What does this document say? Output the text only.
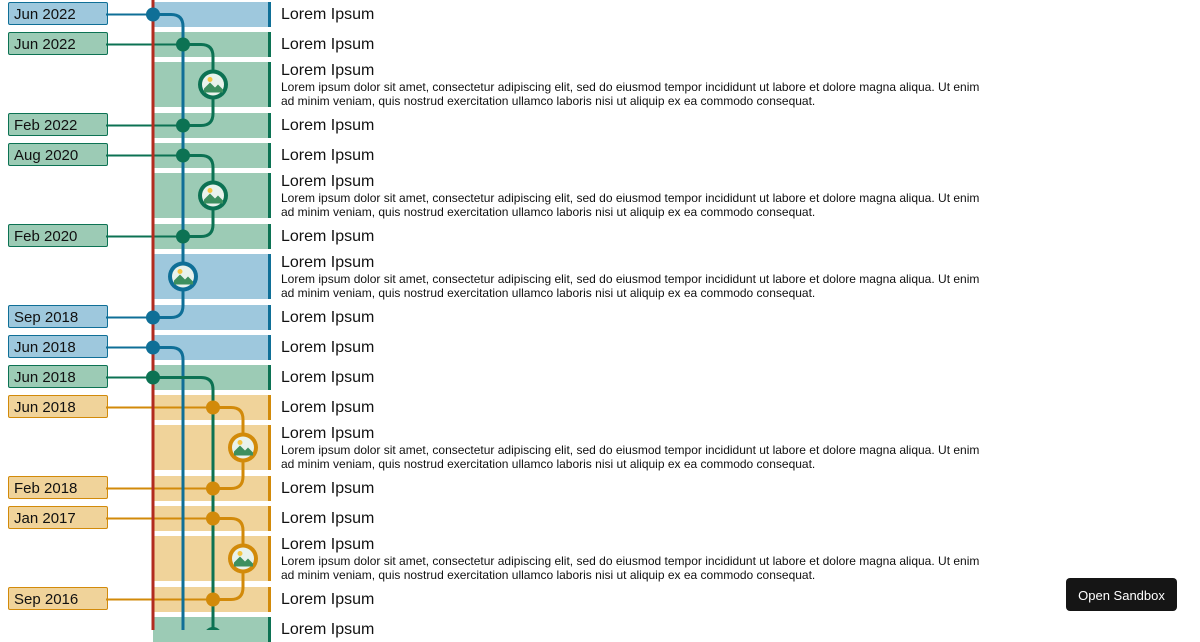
Lorem Ipsum
Jun 2022
Lorem Ipsum
Jun 2022
Lorem Ipsum
Lorem ipsum dolor sit amet, consectetur adipiscing elit, sed do eiusmod tempor incididunt ut labore et dolore magna aliqua. Ut enim ad minim veniam, quis nostrud exercitation ullamco laboris nisi ut aliquip ex ea commodo consequat.
Lorem Ipsum
Feb 2022
Lorem Ipsum
Aug 2020
Lorem Ipsum
Lorem ipsum dolor sit amet, consectetur adipiscing elit, sed do eiusmod tempor incididunt ut labore et dolore magna aliqua. Ut enim ad minim veniam, quis nostrud exercitation ullamco laboris nisi ut aliquip ex ea commodo consequat.
Lorem Ipsum
Feb 2020
Lorem Ipsum
Lorem ipsum dolor sit amet, consectetur adipiscing elit, sed do eiusmod tempor incididunt ut labore et dolore magna aliqua. Ut enim ad minim veniam, quis nostrud exercitation ullamco laboris nisi ut aliquip ex ea commodo consequat.
Lorem Ipsum
Sep 2018
Lorem Ipsum
Jun 2018
Lorem Ipsum
Jun 2018
Lorem Ipsum
Jun 2018
Lorem Ipsum
Lorem ipsum dolor sit amet, consectetur adipiscing elit, sed do eiusmod tempor incididunt ut labore et dolore magna aliqua. Ut enim ad minim veniam, quis nostrud exercitation ullamco laboris nisi ut aliquip ex ea commodo consequat.
Lorem Ipsum
Feb 2018
Lorem Ipsum
Jan 2017
Lorem Ipsum
Lorem ipsum dolor sit amet, consectetur adipiscing elit, sed do eiusmod tempor incididunt ut labore et dolore magna aliqua. Ut enim ad minim veniam, quis nostrud exercitation ullamco laboris nisi ut aliquip ex ea commodo consequat.
Lorem Ipsum
Sep 2016
Lorem Ipsum
Open Sandbox
